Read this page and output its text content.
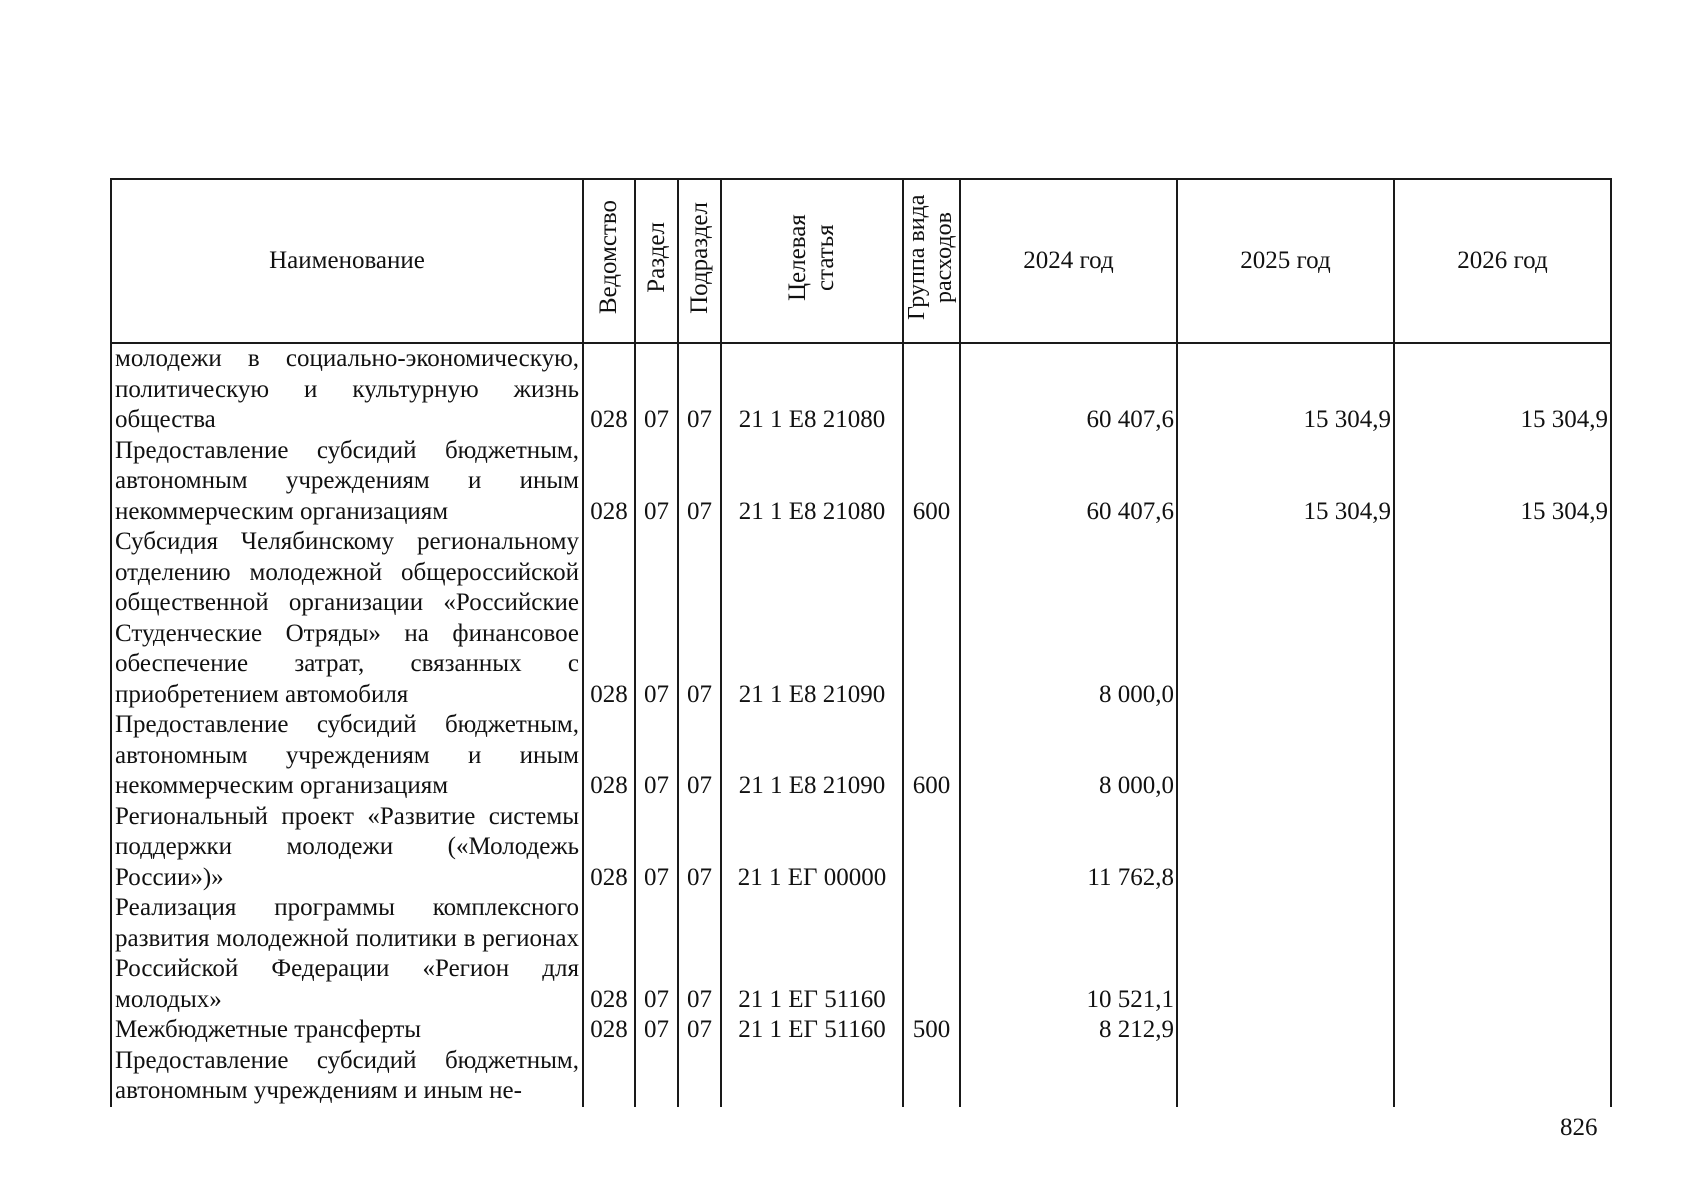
Наименование	Ведомство	Раздел	Подраздел	Целевая статья	Группа вида расходов	2024 год	2025 год	2026 год
молодежи в социально-экономическую, политическую и культурную жизнь общества	028	07	07	21 1 E8 21080		60 407,6	15 304,9	15 304,9
Предоставление субсидий бюджетным, автономным учреждениям и иным некоммерческим организациям	028	07	07	21 1 E8 21080	600	60 407,6	15 304,9	15 304,9
Субсидия Челябинскому региональному отделению молодежной общероссийской общественной организации «Российские Студенческие Отряды» на финансовое обеспечение затрат, связанных с приобретением автомобиля	028	07	07	21 1 E8 21090		8 000,0		
Предоставление субсидий бюджетным, автономным учреждениям и иным некоммерческим организациям	028	07	07	21 1 E8 21090	600	8 000,0		
Региональный проект «Развитие системы поддержки молодежи («Молодежь России»)»	028	07	07	21 1 ЕГ 00000		11 762,8		
Реализация программы комплексного развития молодежной политики в регионах Российской Федерации «Регион для молодых»	028	07	07	21 1 ЕГ 51160		10 521,1		
Межбюджетные трансферты	028	07	07	21 1 ЕГ 51160	500	8 212,9		
Предоставление субсидий бюджетным, автономным учреждениям и иным не-								
826
